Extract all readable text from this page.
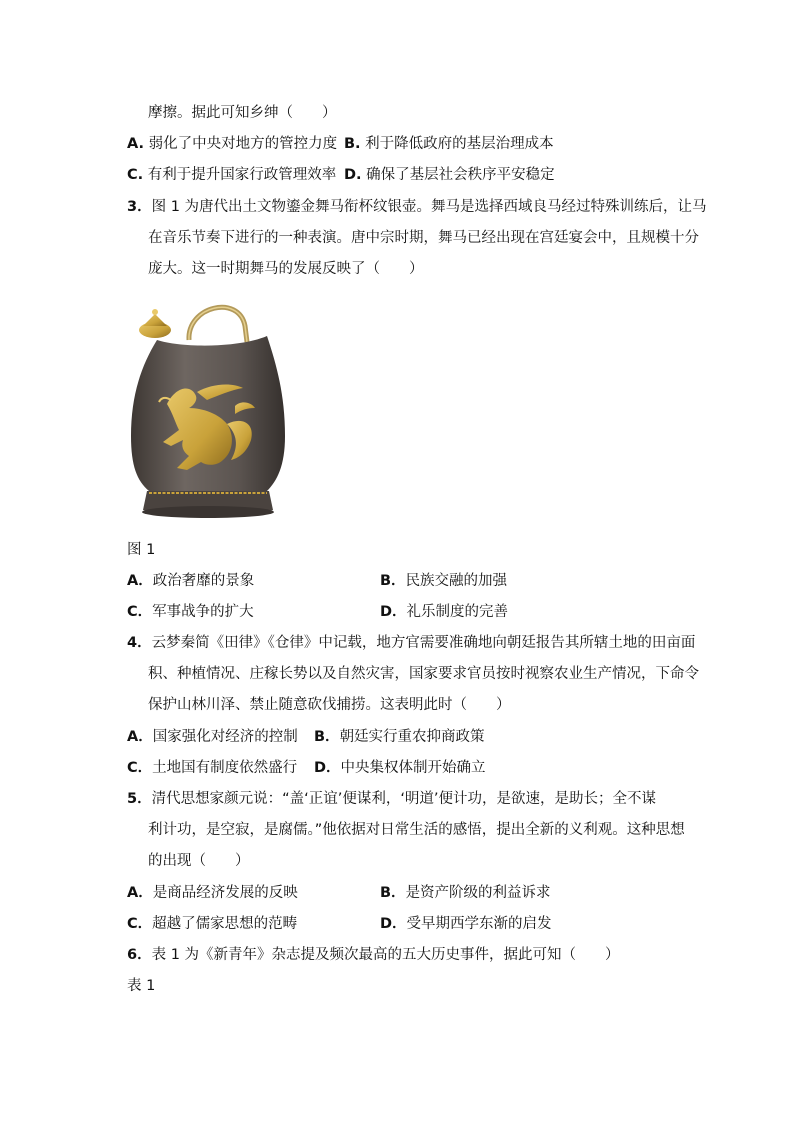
摩擦。据此可知乡绅（　　）
A. 弱化了中央对地方的管控力度 B. 利于降低政府的基层治理成本
C. 有利于提升国家行政管理效率 D. 确保了基层社会秩序平安稳定
3．图 1 为唐代出土文物鎏金舞马衔杯纹银壶。舞马是选择西域良马经过特殊训练后，让马
在音乐节奏下进行的一种表演。唐中宗时期，舞马已经出现在宫廷宴会中，且规模十分
庞大。这一时期舞马的发展反映了（　　）
图 1
A．政治奢靡的景象	B．民族交融的加强
C．军事战争的扩大	D．礼乐制度的完善
4．云梦秦简《田律》《仓律》中记载，地方官需要准确地向朝廷报告其所辖土地的田亩面
积、种植情况、庄稼长势以及自然灾害，国家要求官员按时视察农业生产情况，下命令
保护山林川泽、禁止随意砍伐捕捞。这表明此时（　　）
A．国家强化对经济的控制 B．朝廷实行重农抑商政策
C．土地国有制度依然盛行 D．中央集权体制开始确立
5．清代思想家颜元说：“盖‘正谊’便谋利，‘明道’便计功，是欲速，是助长；全不谋
利计功，是空寂，是腐儒。”他依据对日常生活的感悟，提出全新的义利观。这种思想
的出现（　　）
A．是商品经济发展的反映	B．是资产阶级的利益诉求
C．超越了儒家思想的范畴	D．受早期西学东渐的启发
6．表 1 为《新青年》杂志提及频次最高的五大历史事件，据此可知（　　）
表 1
